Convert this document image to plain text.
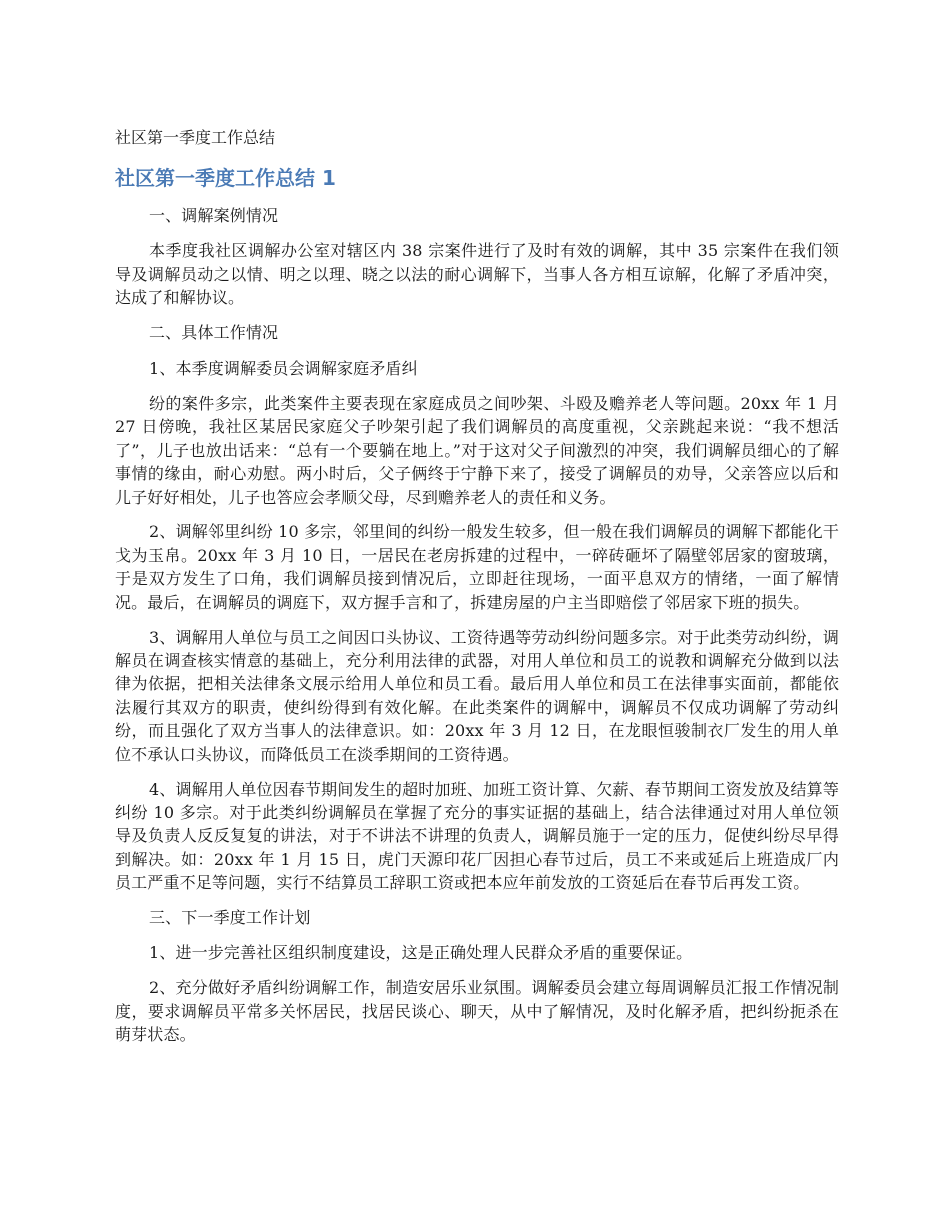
社区第一季度工作总结
社区第一季度工作总结 1

一、调解案例情况

本季度我社区调解办公室对辖区内 38 宗案件进行了及时有效的调解，其中 35 宗案件在我们领导及调解员动之以情、明之以理、晓之以法的耐心调解下，当事人各方相互谅解，化解了矛盾冲突，达成了和解协议。

二、具体工作情况

1、本季度调解委员会调解家庭矛盾纠

纷的案件多宗，此类案件主要表现在家庭成员之间吵架、斗殴及赡养老人等问题。20xx 年 1 月 27 日傍晚，我社区某居民家庭父子吵架引起了我们调解员的高度重视，父亲跳起来说：“我不想活了”，儿子也放出话来：“总有一个要躺在地上。”对于这对父子间激烈的冲突，我们调解员细心的了解事情的缘由，耐心劝慰。两小时后，父子俩终于宁静下来了，接受了调解员的劝导，父亲答应以后和儿子好好相处，儿子也答应会孝顺父母，尽到赡养老人的责任和义务。

2、调解邻里纠纷 10 多宗，邻里间的纠纷一般发生较多，但一般在我们调解员的调解下都能化干戈为玉帛。20xx 年 3 月 10 日，一居民在老房拆建的过程中，一碎砖砸坏了隔壁邻居家的窗玻璃，于是双方发生了口角，我们调解员接到情况后，立即赶往现场，一面平息双方的情绪，一面了解情况。最后，在调解员的调庭下，双方握手言和了，拆建房屋的户主当即赔偿了邻居家下班的损失。

3、调解用人单位与员工之间因口头协议、工资待遇等劳动纠纷问题多宗。对于此类劳动纠纷，调解员在调查核实情意的基础上，充分利用法律的武器，对用人单位和员工的说教和调解充分做到以法律为依据，把相关法律条文展示给用人单位和员工看。最后用人单位和员工在法律事实面前，都能依法履行其双方的职责，使纠纷得到有效化解。在此类案件的调解中，调解员不仅成功调解了劳动纠纷，而且强化了双方当事人的法律意识。如：20xx 年 3 月 12 日，在龙眼恒骏制衣厂发生的用人单位不承认口头协议，而降低员工在淡季期间的工资待遇。

4、调解用人单位因春节期间发生的超时加班、加班工资计算、欠薪、春节期间工资发放及结算等纠纷 10 多宗。对于此类纠纷调解员在掌握了充分的事实证据的基础上，结合法律通过对用人单位领导及负责人反反复复的讲法，对于不讲法不讲理的负责人，调解员施于一定的压力，促使纠纷尽早得到解决。如：20xx 年 1 月 15 日，虎门天源印花厂因担心春节过后，员工不来或延后上班造成厂内员工严重不足等问题，实行不结算员工辞职工资或把本应年前发放的工资延后在春节后再发工资。

三、下一季度工作计划

1、进一步完善社区组织制度建设，这是正确处理人民群众矛盾的重要保证。

2、充分做好矛盾纠纷调解工作，制造安居乐业氛围。调解委员会建立每周调解员汇报工作情况制度，要求调解员平常多关怀居民，找居民谈心、聊天，从中了解情况，及时化解矛盾，把纠纷扼杀在萌芽状态。
